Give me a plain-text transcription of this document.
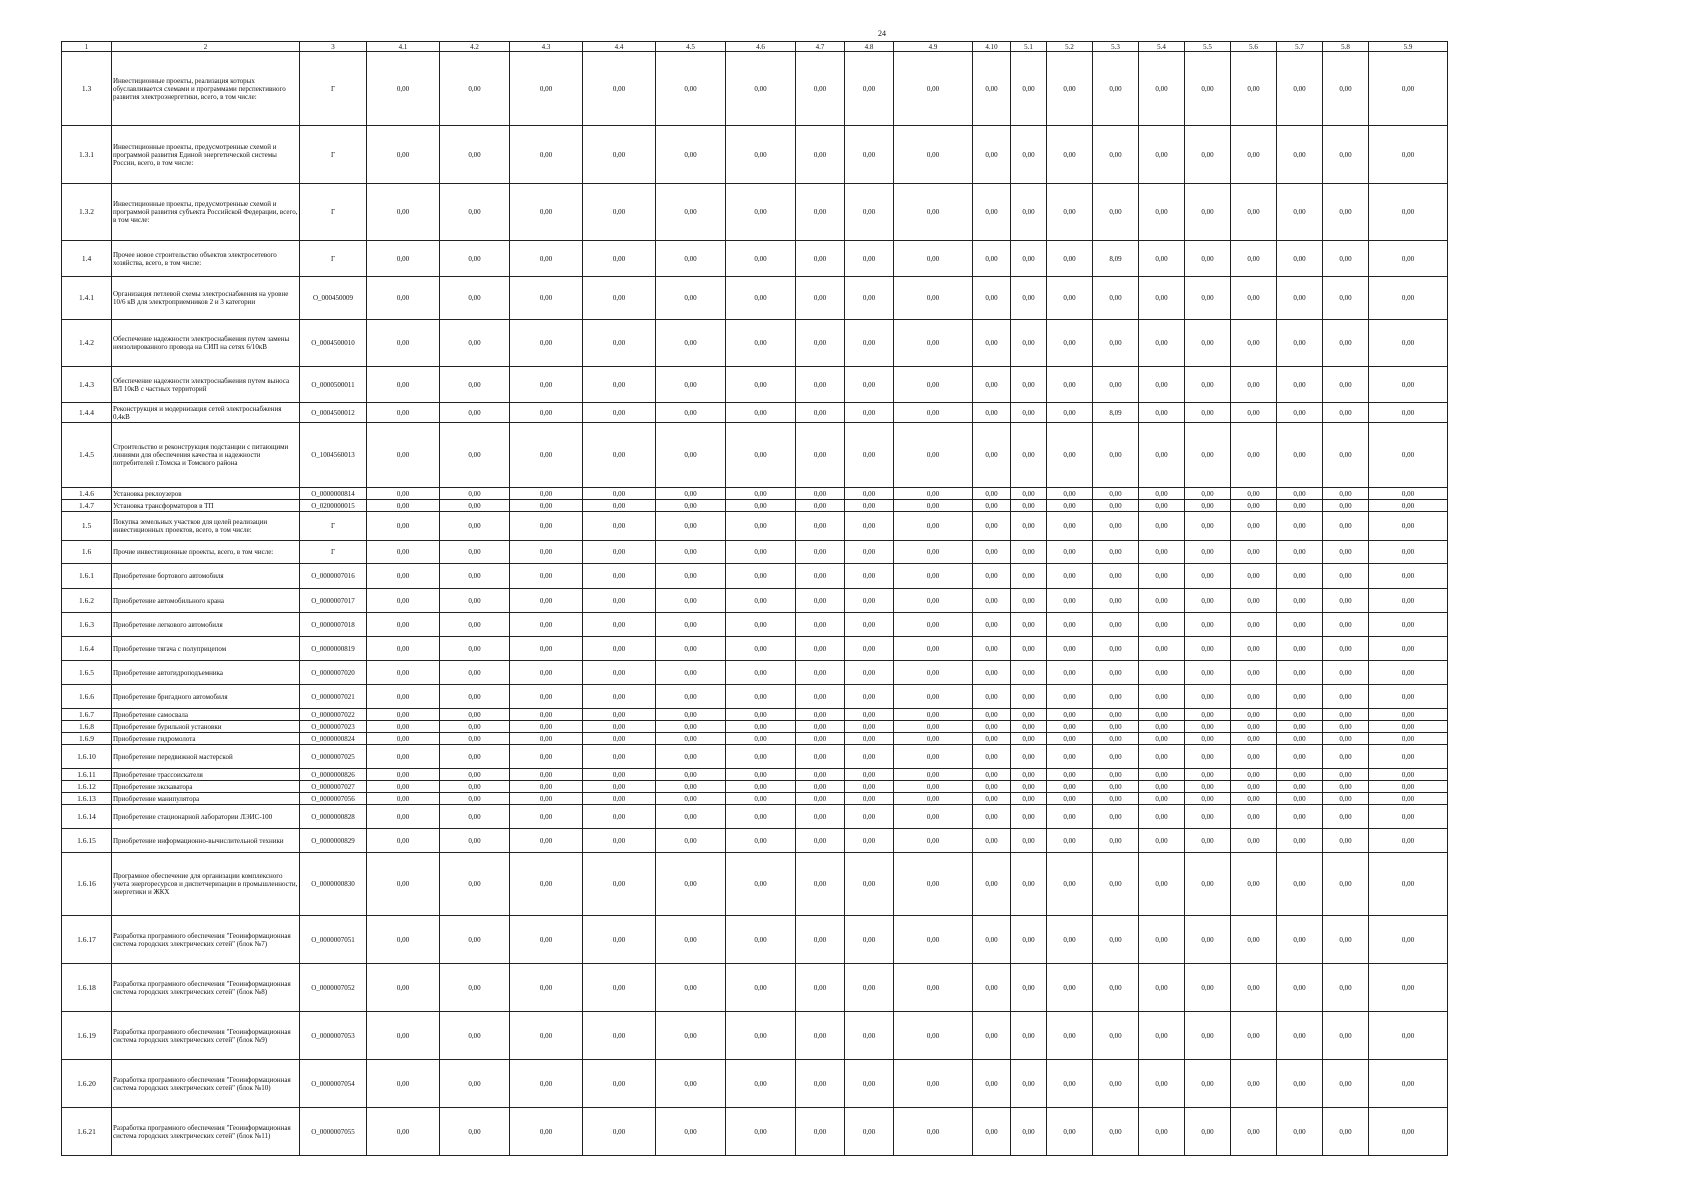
24
1	2	3	4.1	4.2	4.3	4.4	4.5	4.6	4.7	4.8	4.9	4.10	5.1	5.2	5.3	5.4	5.5	5.6	5.7	5.8	5.9	
1.3	Инвестиционные проекты, реализация которых обуславливается схемами и программами перспективного развития электроэнергетики, всего, в том числе:	Г	0,00	0,00	0,00	0,00	0,00	0,00	0,00	0,00	0,00	0,00	0,00	0,00	0,00	0,00	0,00	0,00	0,00	0,00	0,00	
1.3.1	Инвестиционные проекты, предусмотренные схемой и программой развития Единой энергетической системы России, всего, в том числе:	Г	0,00	0,00	0,00	0,00	0,00	0,00	0,00	0,00	0,00	0,00	0,00	0,00	0,00	0,00	0,00	0,00	0,00	0,00	0,00	
1.3.2	Инвестиционные проекты, предусмотренные схемой и программой развития субъекта Российской Федерации, всего, в том числе:	Г	0,00	0,00	0,00	0,00	0,00	0,00	0,00	0,00	0,00	0,00	0,00	0,00	0,00	0,00	0,00	0,00	0,00	0,00	0,00	
1.4	Прочее новое строительство объектов электросетевого хозяйства, всего, в том числе:	Г	0,00	0,00	0,00	0,00	0,00	0,00	0,00	0,00	0,00	0,00	0,00	0,00	8,09	0,00	0,00	0,00	0,00	0,00	0,00	
1.4.1	Организация петлевой схемы электроснабжения на уровне 10/6 кВ для электроприемников 2 и 3 категории	О_000450009	0,00	0,00	0,00	0,00	0,00	0,00	0,00	0,00	0,00	0,00	0,00	0,00	0,00	0,00	0,00	0,00	0,00	0,00	0,00	
1.4.2	Обеспечение надежности электроснабжения путем замены неизолированного провода на СИП на сетях 6/10кВ	О_0004500010	0,00	0,00	0,00	0,00	0,00	0,00	0,00	0,00	0,00	0,00	0,00	0,00	0,00	0,00	0,00	0,00	0,00	0,00	0,00	
1.4.3	Обеспечение надежности электроснабжения путем выноса ВЛ 10кВ с частных территорий	О_0000500011	0,00	0,00	0,00	0,00	0,00	0,00	0,00	0,00	0,00	0,00	0,00	0,00	0,00	0,00	0,00	0,00	0,00	0,00	0,00	
1.4.4	Реконструкция и модернизация сетей электроснабжения 0,4кВ	О_0004500012	0,00	0,00	0,00	0,00	0,00	0,00	0,00	0,00	0,00	0,00	0,00	0,00	8,09	0,00	0,00	0,00	0,00	0,00	0,00	
1.4.5	Строительство и реконструкция подстанции с питающими линиями для обеспечения качества и надежности потребителей г.Томска и Томского района	О_1004560013	0,00	0,00	0,00	0,00	0,00	0,00	0,00	0,00	0,00	0,00	0,00	0,00	0,00	0,00	0,00	0,00	0,00	0,00	0,00	
1.4.6	Установка реклоузеров	О_0000000814	0,00	0,00	0,00	0,00	0,00	0,00	0,00	0,00	0,00	0,00	0,00	0,00	0,00	0,00	0,00	0,00	0,00	0,00	0,00	
1.4.7	Установка трансформаторов в ТП	О_0200000015	0,00	0,00	0,00	0,00	0,00	0,00	0,00	0,00	0,00	0,00	0,00	0,00	0,00	0,00	0,00	0,00	0,00	0,00	0,00	
1.5	Покупка земельных участков для целей реализации инвестиционных проектов, всего, в том числе:	Г	0,00	0,00	0,00	0,00	0,00	0,00	0,00	0,00	0,00	0,00	0,00	0,00	0,00	0,00	0,00	0,00	0,00	0,00	0,00	
1.6	Прочие инвестиционные проекты, всего, в том числе:	Г	0,00	0,00	0,00	0,00	0,00	0,00	0,00	0,00	0,00	0,00	0,00	0,00	0,00	0,00	0,00	0,00	0,00	0,00	0,00	
1.6.1	Приобретение бортового автомобиля	О_0000007016	0,00	0,00	0,00	0,00	0,00	0,00	0,00	0,00	0,00	0,00	0,00	0,00	0,00	0,00	0,00	0,00	0,00	0,00	0,00	
1.6.2	Приобретение автомобильного крана	О_0000007017	0,00	0,00	0,00	0,00	0,00	0,00	0,00	0,00	0,00	0,00	0,00	0,00	0,00	0,00	0,00	0,00	0,00	0,00	0,00	
1.6.3	Приобретение легкового автомобиля	О_0000007018	0,00	0,00	0,00	0,00	0,00	0,00	0,00	0,00	0,00	0,00	0,00	0,00	0,00	0,00	0,00	0,00	0,00	0,00	0,00	
1.6.4	Приобретение тягача с полуприцепом	О_0000000819	0,00	0,00	0,00	0,00	0,00	0,00	0,00	0,00	0,00	0,00	0,00	0,00	0,00	0,00	0,00	0,00	0,00	0,00	0,00	
1.6.5	Приобретение автогидроподъемника	О_0000007020	0,00	0,00	0,00	0,00	0,00	0,00	0,00	0,00	0,00	0,00	0,00	0,00	0,00	0,00	0,00	0,00	0,00	0,00	0,00	
1.6.6	Приобретение бригадного автомобиля	О_0000007021	0,00	0,00	0,00	0,00	0,00	0,00	0,00	0,00	0,00	0,00	0,00	0,00	0,00	0,00	0,00	0,00	0,00	0,00	0,00	
1.6.7	Приобретение самосвала	О_0000007022	0,00	0,00	0,00	0,00	0,00	0,00	0,00	0,00	0,00	0,00	0,00	0,00	0,00	0,00	0,00	0,00	0,00	0,00	0,00	
1.6.8	Приобретение бурильной установки	О_0000007023	0,00	0,00	0,00	0,00	0,00	0,00	0,00	0,00	0,00	0,00	0,00	0,00	0,00	0,00	0,00	0,00	0,00	0,00	0,00	
1.6.9	Приобретение гидромолота	О_0000000824	0,00	0,00	0,00	0,00	0,00	0,00	0,00	0,00	0,00	0,00	0,00	0,00	0,00	0,00	0,00	0,00	0,00	0,00	0,00	
1.6.10	Приобретение передвижной мастерской	О_0000007025	0,00	0,00	0,00	0,00	0,00	0,00	0,00	0,00	0,00	0,00	0,00	0,00	0,00	0,00	0,00	0,00	0,00	0,00	0,00	
1.6.11	Приобретение трассоискателя	О_0000000826	0,00	0,00	0,00	0,00	0,00	0,00	0,00	0,00	0,00	0,00	0,00	0,00	0,00	0,00	0,00	0,00	0,00	0,00	0,00	
1.6.12	Приобретение экскаватора	О_0000007027	0,00	0,00	0,00	0,00	0,00	0,00	0,00	0,00	0,00	0,00	0,00	0,00	0,00	0,00	0,00	0,00	0,00	0,00	0,00	
1.6.13	Приобретение манипулятора	О_0000007056	0,00	0,00	0,00	0,00	0,00	0,00	0,00	0,00	0,00	0,00	0,00	0,00	0,00	0,00	0,00	0,00	0,00	0,00	0,00	
1.6.14	Приобретение стационарной лаборатории ЛЭИС-100	О_0000000828	0,00	0,00	0,00	0,00	0,00	0,00	0,00	0,00	0,00	0,00	0,00	0,00	0,00	0,00	0,00	0,00	0,00	0,00	0,00	
1.6.15	Приобретение информационно-вычислительной техники	О_0000000829	0,00	0,00	0,00	0,00	0,00	0,00	0,00	0,00	0,00	0,00	0,00	0,00	0,00	0,00	0,00	0,00	0,00	0,00	0,00	
1.6.16	Програмное обеспечение для организации комплексного учета энергоресурсов и диспетчеризации в промышленности, энергетики и ЖКХ	О_0000000830	0,00	0,00	0,00	0,00	0,00	0,00	0,00	0,00	0,00	0,00	0,00	0,00	0,00	0,00	0,00	0,00	0,00	0,00	0,00	
1.6.17	Разработка програмного обеспечения "Геоинформационная система городских электрических сетей" (блок №7)	О_0000007051	0,00	0,00	0,00	0,00	0,00	0,00	0,00	0,00	0,00	0,00	0,00	0,00	0,00	0,00	0,00	0,00	0,00	0,00	0,00	
1.6.18	Разработка програмного обеспечения "Геоинформационная система городских электрических сетей" (блок №8)	О_0000007052	0,00	0,00	0,00	0,00	0,00	0,00	0,00	0,00	0,00	0,00	0,00	0,00	0,00	0,00	0,00	0,00	0,00	0,00	0,00	
1.6.19	Разработка програмного обеспечения "Геоинформационная система городских электрических сетей" (блок №9)	О_0000007053	0,00	0,00	0,00	0,00	0,00	0,00	0,00	0,00	0,00	0,00	0,00	0,00	0,00	0,00	0,00	0,00	0,00	0,00	0,00	
1.6.20	Разработка програмного обеспечения "Геоинформационная система городских электрических сетей" (блок №10)	О_0000007054	0,00	0,00	0,00	0,00	0,00	0,00	0,00	0,00	0,00	0,00	0,00	0,00	0,00	0,00	0,00	0,00	0,00	0,00	0,00	
1.6.21	Разработка програмного обеспечения "Геоинформационная система городских электрических сетей" (блок №11)	О_0000007055	0,00	0,00	0,00	0,00	0,00	0,00	0,00	0,00	0,00	0,00	0,00	0,00	0,00	0,00	0,00	0,00	0,00	0,00	0,00	
